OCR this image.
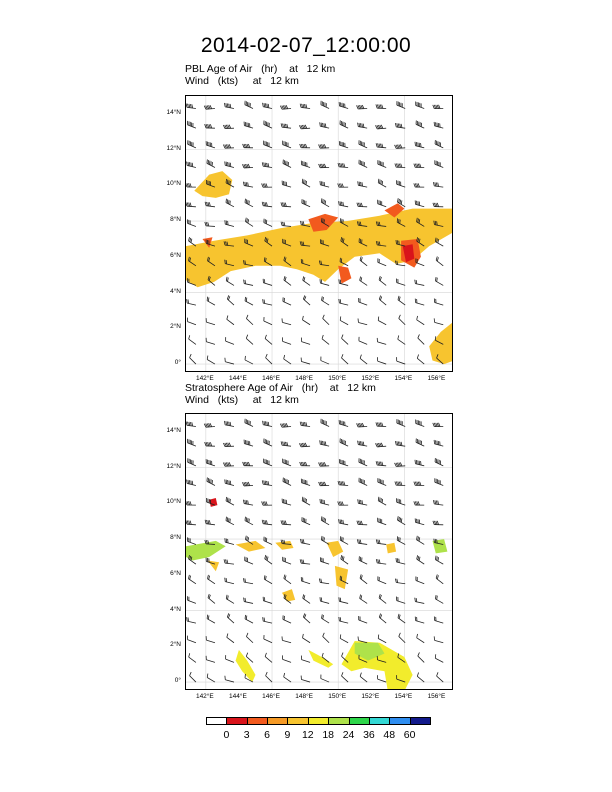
2014-02-07_12:00:00
PBL Age of Air (hr) at   12 km
Wind (kts) at   12 km
Stratosphere Age of Air (hr) at   12 km
Wind (kts) at   12 km
0°
2°N
4°N
6°N
8°N
10°N
12°N
14°N
142°E	144°E	146°E	148°E	150°E	152°E	154°E	156°E
0°
2°N
4°N
6°N
8°N
10°N
12°N
14°N
142°E	144°E	146°E	148°E	150°E	152°E	154°E	156°E
0	3	6	9	12 18 24 36 48 60
